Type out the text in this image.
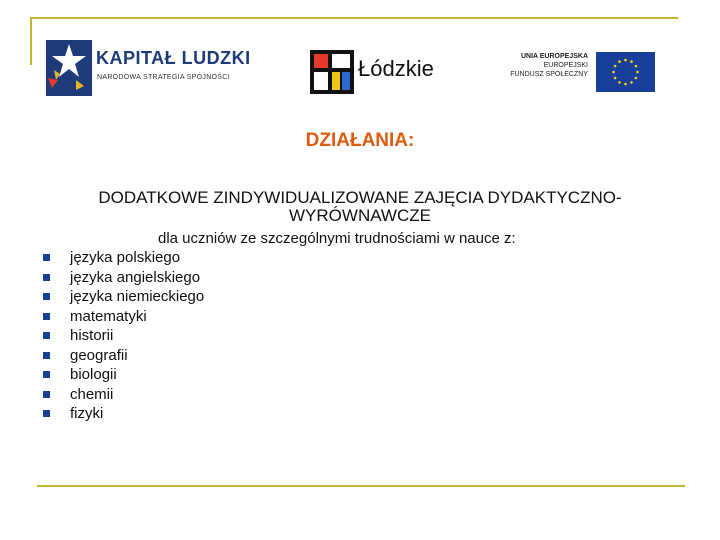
KAPITAŁ LUDZKI
NARODOWA STRATEGIA SPÓJNOŚCI	Łódzkie	UNIA EUROPEJSKA
EUROPEJSKI
FUNDUSZ SPOŁECZNY
DZIAŁANIA:
DODATKOWE ZINDYWIDUALIZOWANE ZAJĘCIA DYDAKTYCZNO-
WYRÓWNAWCZE
dla uczniów ze szczególnymi trudnościami w nauce z:
języka polskiego
języka angielskiego
języka niemieckiego
matematyki
historii
geografii
biologii
chemii
fizyki
